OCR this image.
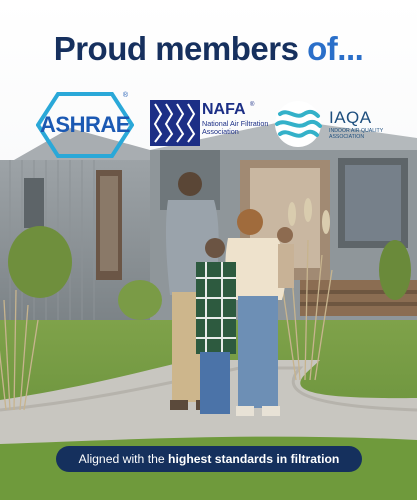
Proud members of...
ASHRAE
®
NAFA ®
National Air Filtration Association
IAQA
INDOOR AIR QUALITY ASSOCIATION
Aligned with the highest standards in filtration
